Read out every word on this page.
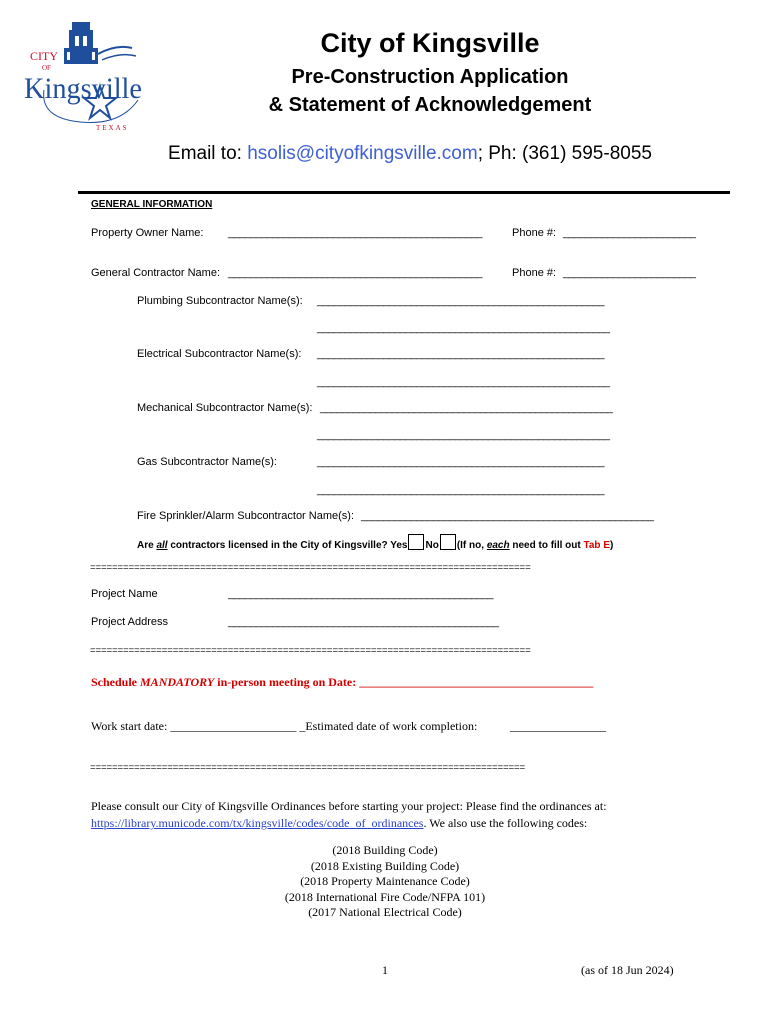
CITY
OF
Kingsville
TEXAS
City of Kingsville
Pre-Construction Application
& Statement of Acknowledgement
Email to: hsolis@cityofkingsville.com; Ph: (361) 595-8055
GENERAL INFORMATION
Property Owner Name: ______________________________________________	Phone #: ________________________
General Contractor Name: ______________________________________________	Phone #: ________________________
Plumbing Subcontractor Name(s): ____________________________________________________
_____________________________________________________
Electrical Subcontractor Name(s): ____________________________________________________
_____________________________________________________
Mechanical Subcontractor Name(s): _____________________________________________________
_____________________________________________________
Gas Subcontractor Name(s):	____________________________________________________
____________________________________________________
Fire Sprinkler/Alarm Subcontractor Name(s): _____________________________________________________
Are all contractors licensed in the City of Kingsville? Yes No (If no, each need to fill out Tab E)
================================================================================
Project Name	________________________________________________
Project Address	_________________________________________________
================================================================================
Schedule MANDATORY in-person meeting on Date: _______________________________________
Work start date: _____________________ _Estimated date of work completion:	________________
===============================================================================
Please consult our City of Kingsville Ordinances before starting your project: Please find the ordinances at:
https://library.municode.com/tx/kingsville/codes/code_of_ordinances. We also use the following codes:
(2018 Building Code)
(2018 Existing Building Code)
(2018 Property Maintenance Code)
(2018 International Fire Code/NFPA 101)
(2017 National Electrical Code)
1	(as of 18 Jun 2024)
